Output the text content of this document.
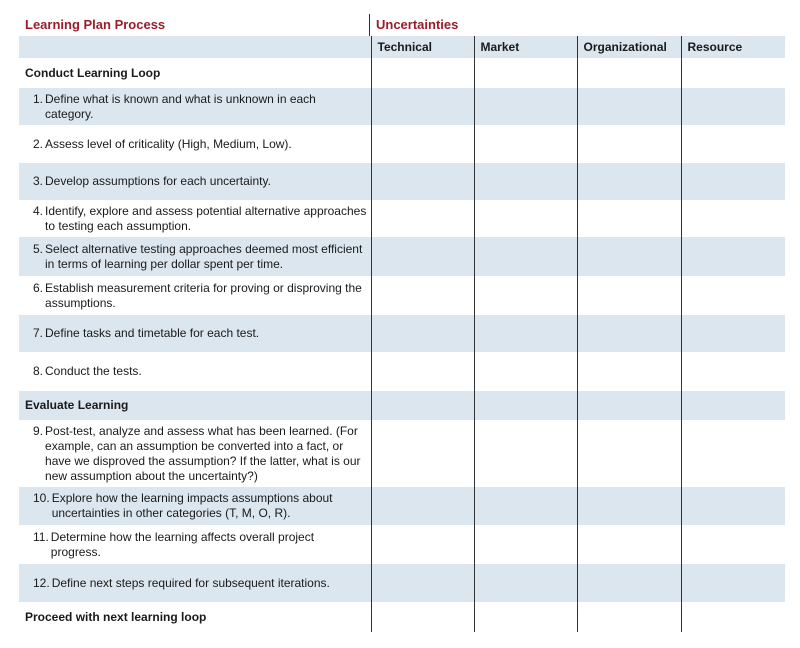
Learning Plan Process	Uncertainties
	Technical	Market	Organizational	Resource
Conduct Learning Loop				

1. Define what is known and what is unknown in each category.				

2. Assess level of criticality (High, Medium, Low).				

3. Develop assumptions for each uncertainty.				

4. Identify, explore and assess potential alternative approaches to testing each assumption.				

5. Select alternative testing approaches deemed most efficient in terms of learning per dollar spent per time.				

6. Establish measurement criteria for proving or disproving the assumptions.				

7. Define tasks and timetable for each test.				

8. Conduct the tests.				

Evaluate Learning				

9. Post-test, analyze and assess what has been learned. (For example, can an assumption be converted into a fact, or have we disproved the assumption? If the latter, what is our new assumption about the uncertainty?)				

10. Explore how the learning impacts assumptions about uncertainties in other categories (T, M, O, R).				

11. Determine how the learning affects overall project progress.				

12. Define next steps required for subsequent iterations.				

Proceed with next learning loop				
